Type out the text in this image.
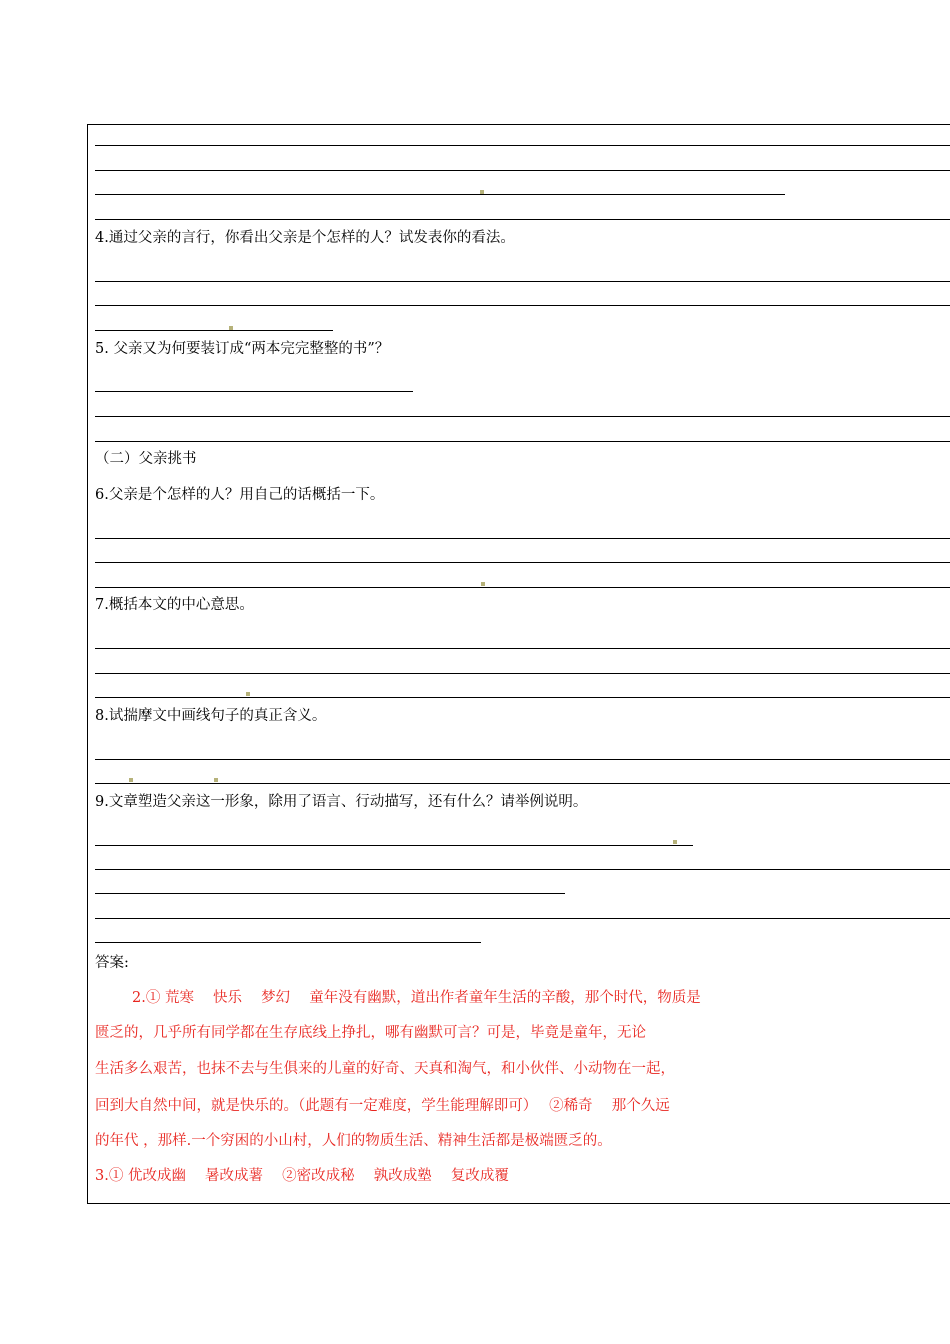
4.通过父亲的言行，你看出父亲是个怎样的人？试发表你的看法。
5. 父亲又为何要装订成“两本完完整整的书”？
（二）父亲挑书
6.父亲是个怎样的人？用自己的话概括一下。
7.概括本文的中心意思。
8.试揣摩文中画线句子的真正含义。
9.文章塑造父亲这一形象，除用了语言、行动描写，还有什么？请举例说明。
答案:
2.① 荒寒　 快乐　 梦幻　 童年没有幽默，道出作者童年生活的辛酸，那个时代，物质是
匮乏的，几乎所有同学都在生存底线上挣扎，哪有幽默可言？可是，毕竟是童年，无论
生活多么艰苦，也抹不去与生俱来的儿童的好奇、天真和淘气，和小伙伴、小动物在一起，
回到大自然中间，就是快乐的。（此题有一定难度，学生能理解即可）　 ②稀奇　 那个久远
的年代 ，那样.一个穷困的小山村，人们的物质生活、精神生活都是极端匮乏的。
3.① 优改成幽　 暑改成薯　 ②密改成秘　 孰改成塾　 复改成覆
